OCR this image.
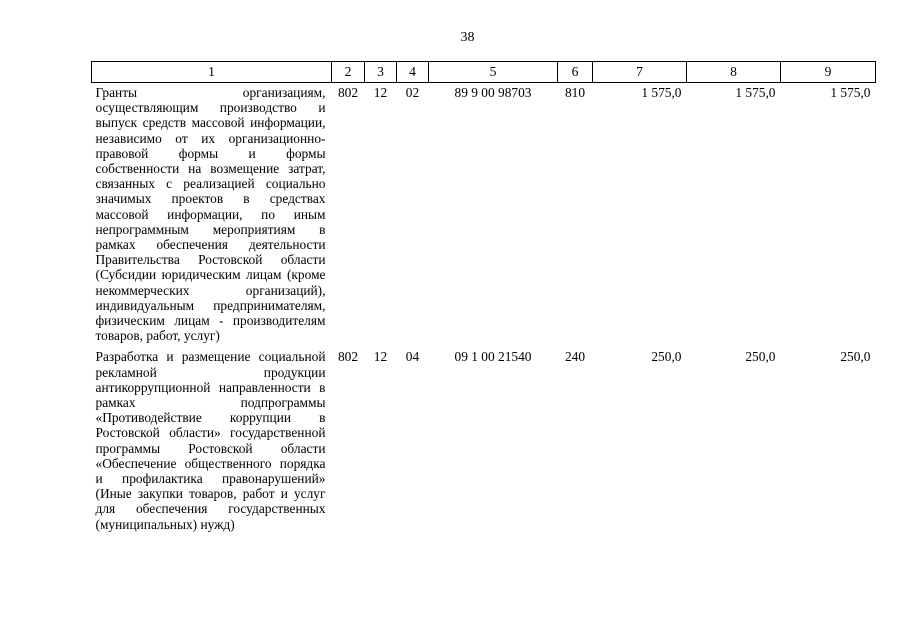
38
1	2	3	4	5	6	7	8	9
Гранты организациям, осуществляющим производство и выпуск средств массовой информации, независимо от их организационно-правовой формы и формы собственности на возмещение затрат, связанных с реализацией социально значимых проектов в средствах массовой информации, по иным непрограммным мероприятиям в рамках обеспечения деятельности Правительства Ростовской области (Субсидии юридическим лицам (кроме некоммерческих организаций), индивидуальным предпринимателям, физическим лицам - производителям товаров, работ, услуг)	802	12	02	89 9 00 98703	810	1 575,0	1 575,0	1 575,0
Разработка и размещение социальной рекламной продукции антикоррупционной направленности в рамках подпрограммы «Противодействие коррупции в Ростовской области» государственной программы Ростовской области «Обеспечение общественного порядка и профилактика правонарушений» (Иные закупки товаров, работ и услуг для обеспечения государственных (муниципальных) нужд)	802	12	04	09 1 00 21540	240	250,0	250,0	250,0
